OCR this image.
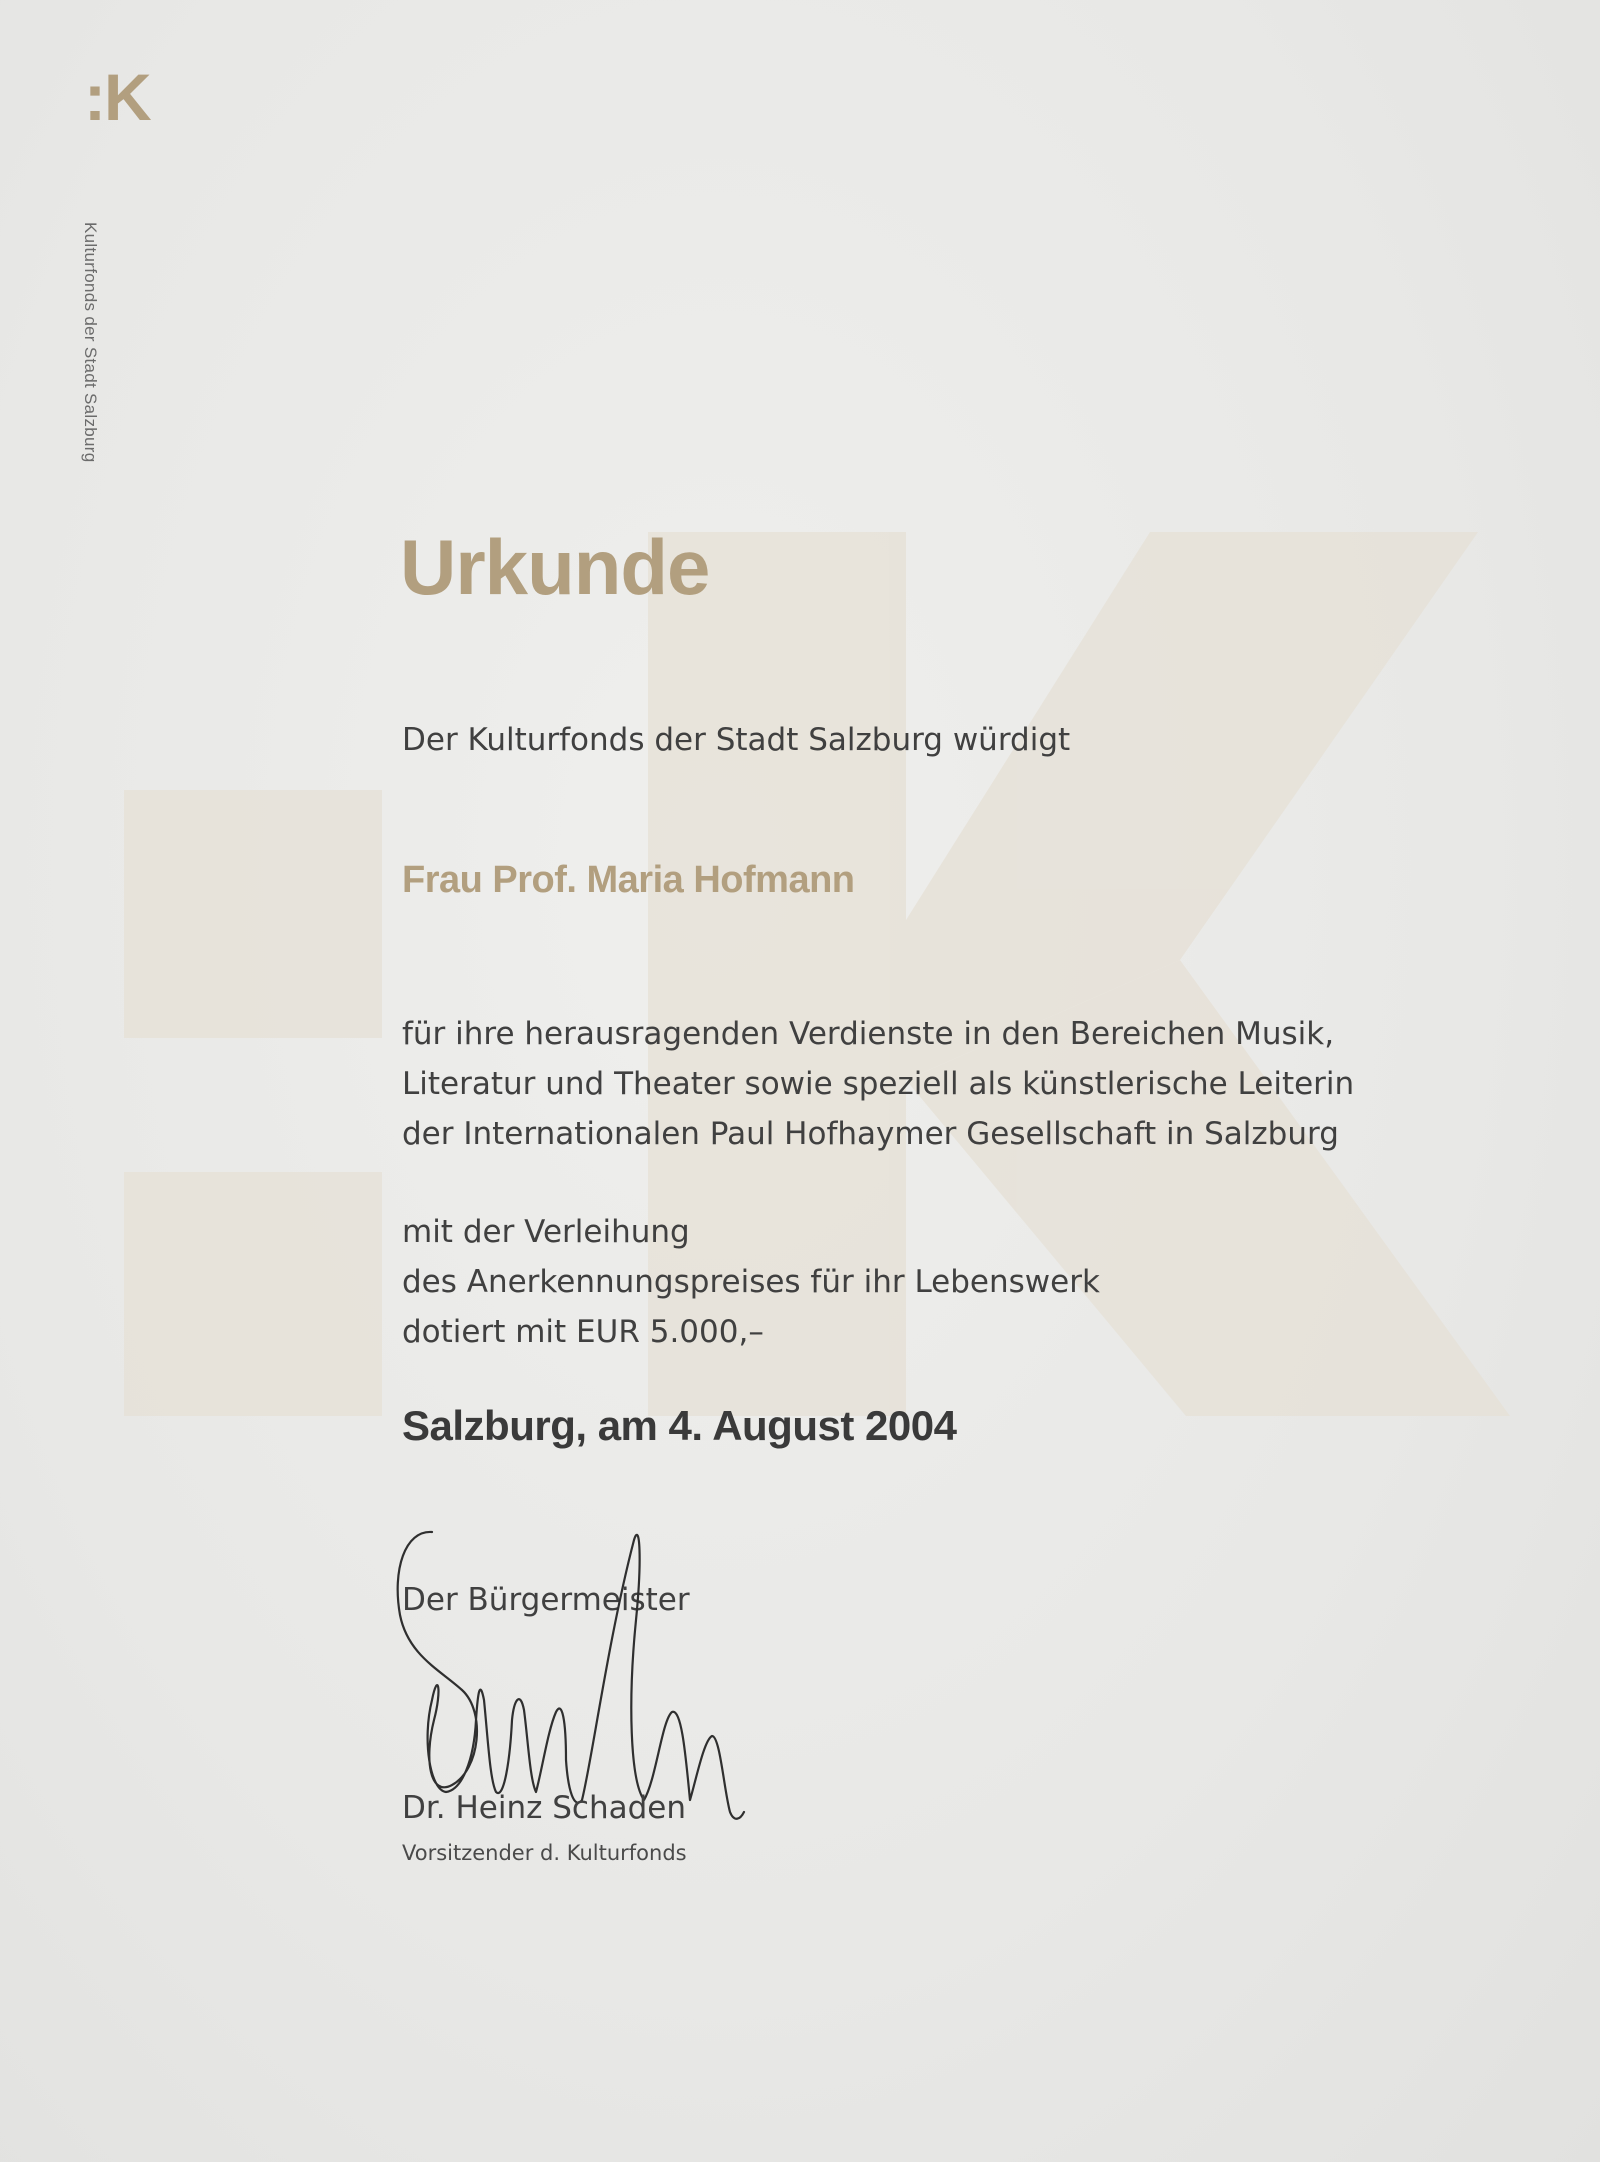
:K
Kulturfonds der Stadt Salzburg
Urkunde

Der Kulturfonds der Stadt Salzburg würdigt

Frau Prof. Maria Hofmann

für ihre herausragenden Verdienste in den Bereichen Musik,

Literatur und Theater sowie speziell als künstlerische Leiterin

der Internationalen Paul Hofhaymer Gesellschaft in Salzburg

mit der Verleihung

des Anerkennungspreises für ihr Lebenswerk

dotiert mit EUR 5.000,–

Salzburg, am 4. August 2004

Der Bürgermeister

Dr. Heinz Schaden

Vorsitzender d. Kulturfonds
